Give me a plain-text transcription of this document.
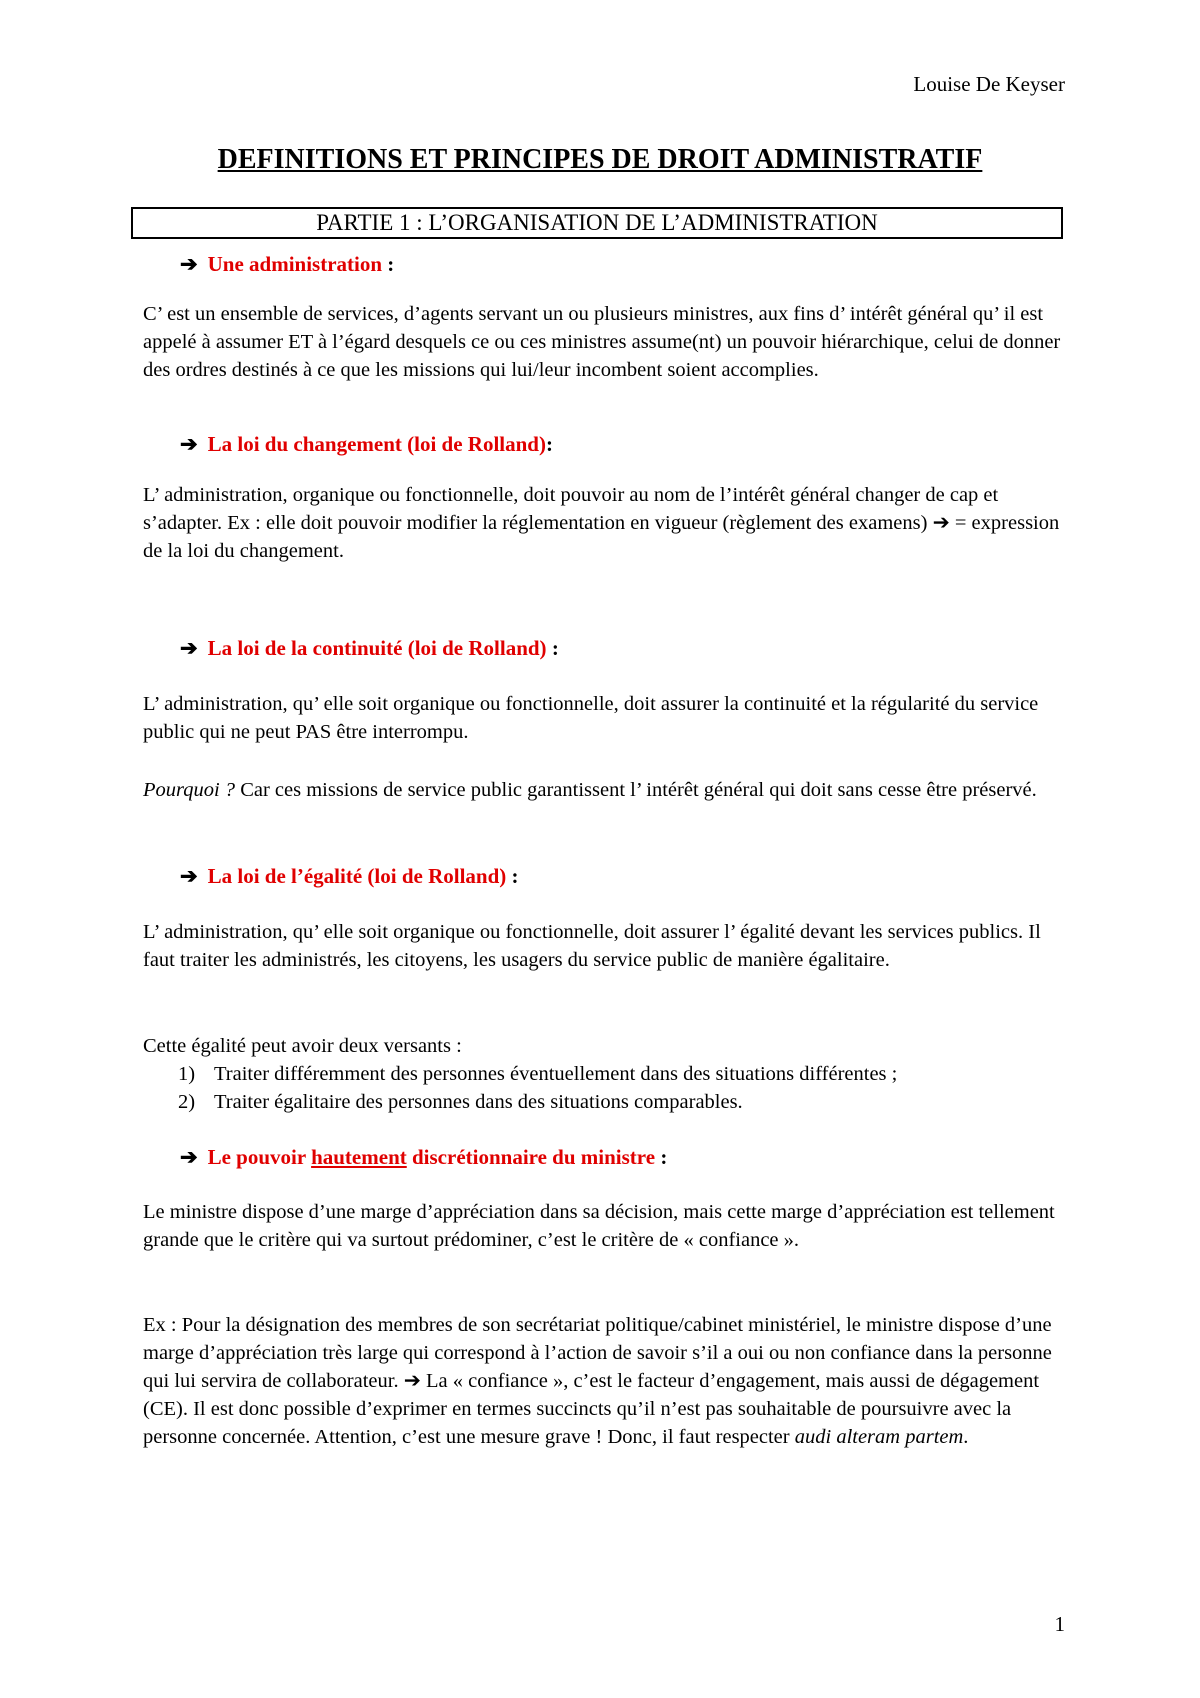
Louise De Keyser
DEFINITIONS ET PRINCIPES DE DROIT ADMINISTRATIF
PARTIE 1 : L’ORGANISATION DE L’ADMINISTRATION
➔ Une administration :

C’ est un ensemble de services, d’agents servant un ou plusieurs ministres, aux fins d’ intérêt général qu’ il est appelé à assumer ET à l’égard desquels ce ou ces ministres assume(nt) un pouvoir hiérarchique, celui de donner des ordres destinés à ce que les missions qui lui/leur incombent soient accomplies.

➔ La loi du changement (loi de Rolland):

L’ administration, organique ou fonctionnelle, doit pouvoir au nom de l’intérêt général changer de cap et s’adapter. Ex : elle doit pouvoir modifier la réglementation en vigueur (règlement des examens) ➔ = expression de la loi du changement.

➔ La loi de la continuité (loi de Rolland) :

L’ administration, qu’ elle soit organique ou fonctionnelle, doit assurer la continuité et la régularité du service public qui ne peut PAS être interrompu.

Pourquoi ? Car ces missions de service public garantissent l’ intérêt général qui doit sans cesse être préservé.

➔ La loi de l’égalité (loi de Rolland) :

L’ administration, qu’ elle soit organique ou fonctionnelle, doit assurer l’ égalité devant les services publics. Il faut traiter les administrés, les citoyens, les usagers du service public de manière égalitaire.

Cette égalité peut avoir deux versants :

1) Traiter différemment des personnes éventuellement dans des situations différentes ;
2) Traiter égalitaire des personnes dans des situations comparables.
➔ Le pouvoir hautement discrétionnaire du ministre :

Le ministre dispose d’une marge d’appréciation dans sa décision, mais cette marge d’appréciation est tellement grande que le critère qui va surtout prédominer, c’est le critère de « confiance ».

Ex : Pour la désignation des membres de son secrétariat politique/cabinet ministériel, le ministre dispose d’une marge d’appréciation très large qui correspond à l’action de savoir s’il a oui ou non confiance dans la personne qui lui servira de collaborateur. ➔ La « confiance », c’est le facteur d’engagement, mais aussi de dégagement (CE). Il est donc possible d’exprimer en termes succincts qu’il n’est pas souhaitable de poursuivre avec la personne concernée. Attention, c’est une mesure grave ! Donc, il faut respecter audi alteram partem.

1
